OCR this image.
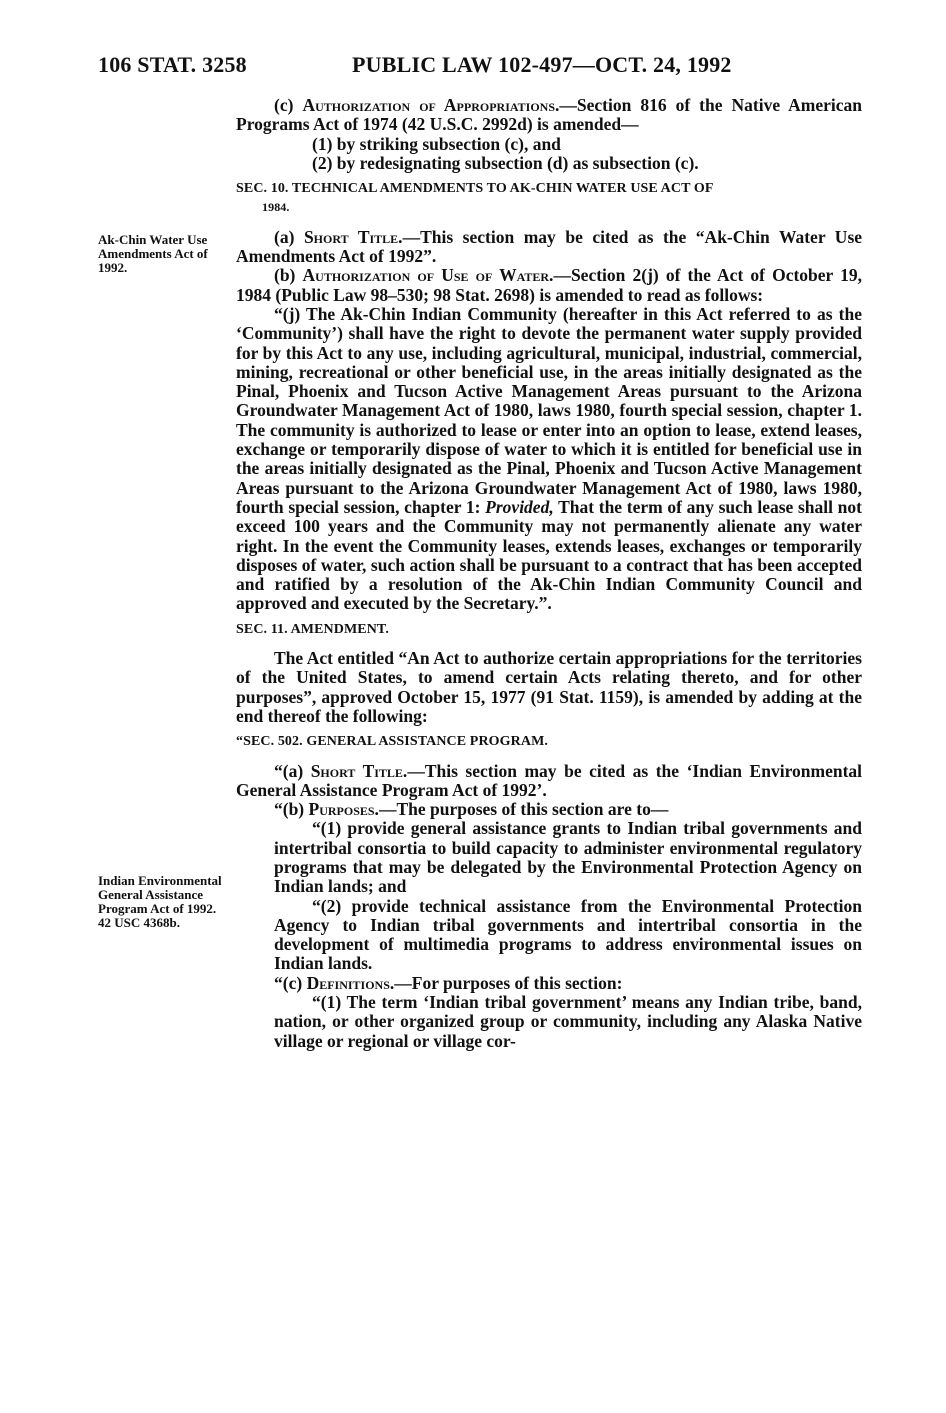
106 STAT. 3258	PUBLIC LAW 102-497—OCT. 24, 1992
Ak-Chin Water Use Amendments Act of 1992.
Indian Environmental General Assistance Program Act of 1992.
42 USC 4368b.

(c) Authorization of Appropriations.—Section 816 of the Native American Programs Act of 1974 (42 U.S.C. 2992d) is amended—

(1) by striking subsection (c), and

(2) by redesignating subsection (d) as subsection (c).

SEC. 10. TECHNICAL AMENDMENTS TO AK-CHIN WATER USE ACT OF
1984.

(a) Short Title.—This section may be cited as the “Ak-Chin Water Use Amendments Act of 1992”.

(b) Authorization of Use of Water.—Section 2(j) of the Act of October 19, 1984 (Public Law 98–530; 98 Stat. 2698) is amended to read as follows:

“(j) The Ak-Chin Indian Community (hereafter in this Act referred to as the ‘Community’) shall have the right to devote the permanent water supply provided for by this Act to any use, including agricultural, municipal, industrial, commercial, mining, recreational or other beneficial use, in the areas initially designated as the Pinal, Phoenix and Tucson Active Management Areas pursuant to the Arizona Groundwater Management Act of 1980, laws 1980, fourth special session, chapter 1. The community is authorized to lease or enter into an option to lease, extend leases, exchange or temporarily dispose of water to which it is entitled for beneficial use in the areas initially designated as the Pinal, Phoenix and Tucson Active Management Areas pursuant to the Arizona Groundwater Management Act of 1980, laws 1980, fourth special session, chapter 1: Provided, That the term of any such lease shall not exceed 100 years and the Community may not permanently alienate any water right. In the event the Community leases, extends leases, exchanges or temporarily disposes of water, such action shall be pursuant to a contract that has been accepted and ratified by a resolution of the Ak-Chin Indian Community Council and approved and executed by the Secretary.”.

SEC. 11. AMENDMENT.

The Act entitled “An Act to authorize certain appropriations for the territories of the United States, to amend certain Acts relating thereto, and for other purposes”, approved October 15, 1977 (91 Stat. 1159), is amended by adding at the end thereof the following:

“SEC. 502. GENERAL ASSISTANCE PROGRAM.

“(a) Short Title.—This section may be cited as the ‘Indian Environmental General Assistance Program Act of 1992’.

“(b) Purposes.—The purposes of this section are to—

“(1) provide general assistance grants to Indian tribal governments and intertribal consortia to build capacity to administer environmental regulatory programs that may be delegated by the Environmental Protection Agency on Indian lands; and

“(2) provide technical assistance from the Environmental Protection Agency to Indian tribal governments and intertribal consortia in the development of multimedia programs to address environmental issues on Indian lands.

“(c) Definitions.—For purposes of this section:

“(1) The term ‘Indian tribal government’ means any Indian tribe, band, nation, or other organized group or community, including any Alaska Native village or regional or village cor-
